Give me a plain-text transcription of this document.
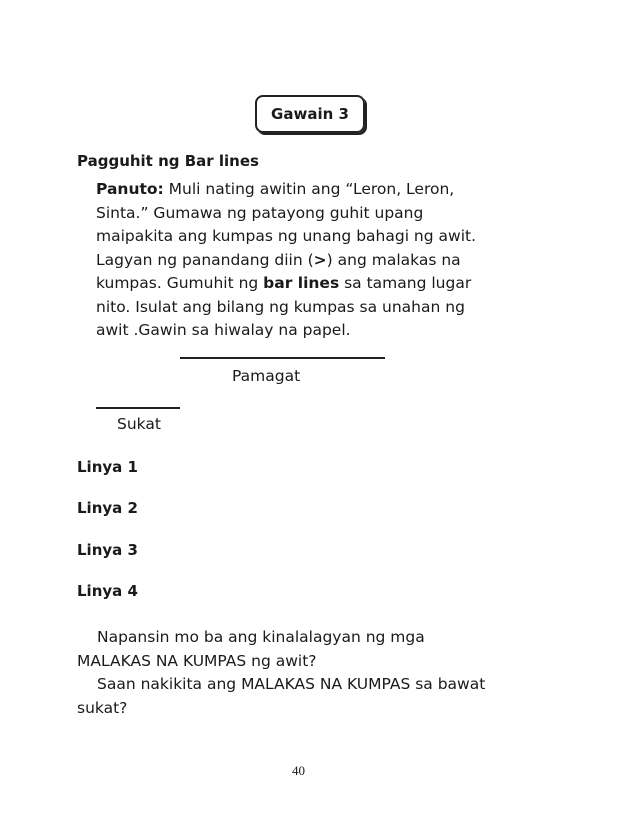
Gawain 3
Pagguhit ng Bar lines
Panuto: Muli nating awitin ang “Leron, Leron,
Sinta.” Gumawa ng patayong guhit upang
maipakita ang kumpas ng unang bahagi ng awit.
Lagyan ng panandang diin (>) ang malakas na
kumpas. Gumuhit ng bar lines sa tamang lugar
nito. Isulat ang bilang ng kumpas sa unahan ng
awit .Gawin sa hiwalay na papel.
Pamagat
Sukat
Linya 1
Linya 2
Linya 3
Linya 4
Napansin mo ba ang kinalalagyan ng mga
MALAKAS NA KUMPAS ng awit?
Saan nakikita ang MALAKAS NA KUMPAS sa bawat
sukat?
40
